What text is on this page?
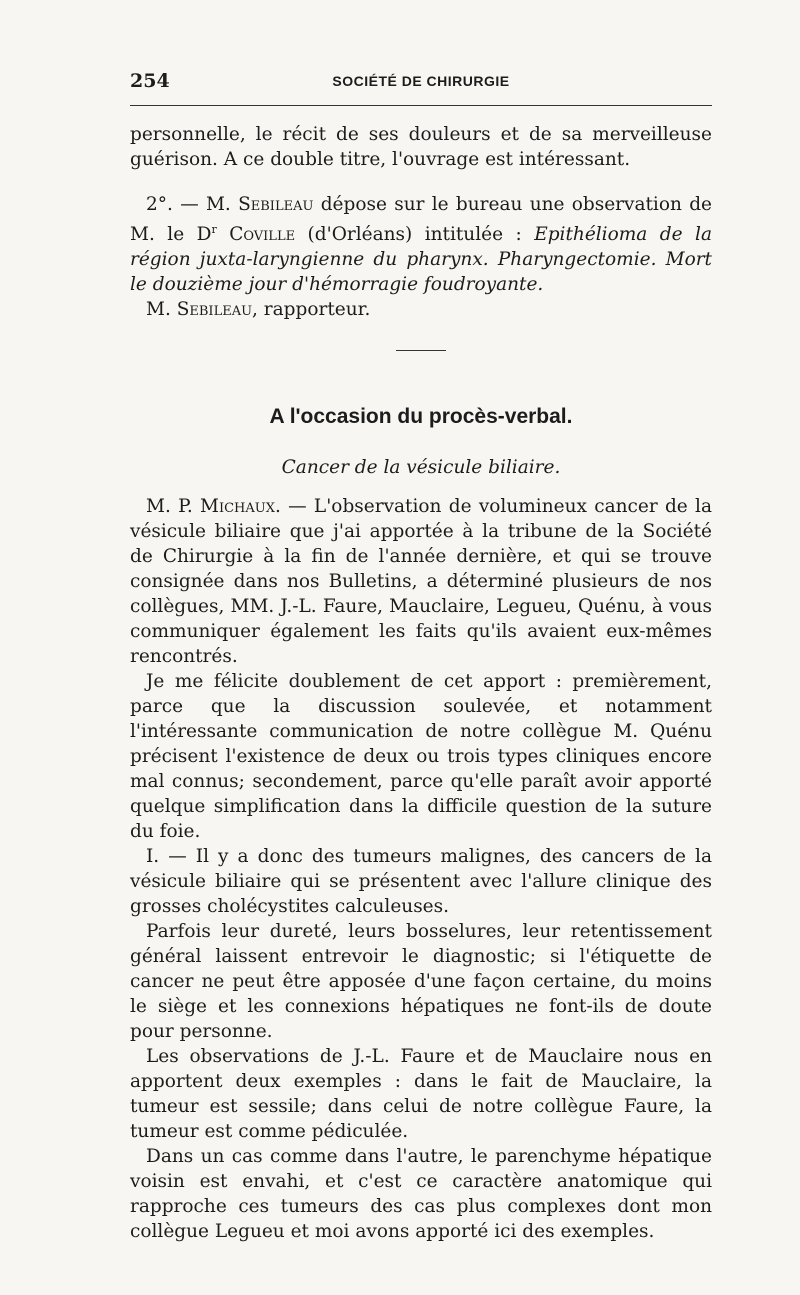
254	SOCIÉTÉ DE CHIRURGIE

personnelle, le récit de ses douleurs et de sa merveilleuse guérison. A ce double titre, l'ouvrage est intéressant.

2°. — M. Sebileau dépose sur le bureau une observation de M. le $D^r$ Coville (d'Orléans) intitulée : Epithélioma de la région juxta-laryngienne du pharynx. Pharyngectomie. Mort le douzième jour d'hémorragie foudroyante.

M. Sebileau, rapporteur.

A l'occasion du procès-verbal.
Cancer de la vésicule biliaire.

M. P. Michaux. — L'observation de volumineux cancer de la vésicule biliaire que j'ai apportée à la tribune de la Société de Chirurgie à la fin de l'année dernière, et qui se trouve consignée dans nos Bulletins, a déterminé plusieurs de nos collègues, MM. J.-L. Faure, Mauclaire, Legueu, Quénu, à vous communiquer également les faits qu'ils avaient eux-mêmes rencontrés.

Je me félicite doublement de cet apport : premièrement, parce que la discussion soulevée, et notamment l'intéressante communication de notre collègue M. Quénu précisent l'existence de deux ou trois types cliniques encore mal connus; secondement, parce qu'elle paraît avoir apporté quelque simplification dans la difficile question de la suture du foie.

I. — Il y a donc des tumeurs malignes, des cancers de la vésicule biliaire qui se présentent avec l'allure clinique des grosses cholécystites calculeuses.

Parfois leur dureté, leurs bosselures, leur retentissement général laissent entrevoir le diagnostic; si l'étiquette de cancer ne peut être apposée d'une façon certaine, du moins le siège et les connexions hépatiques ne font-ils de doute pour personne.

Les observations de J.-L. Faure et de Mauclaire nous en apportent deux exemples : dans le fait de Mauclaire, la tumeur est sessile; dans celui de notre collègue Faure, la tumeur est comme pédiculée.

Dans un cas comme dans l'autre, le parenchyme hépatique voisin est envahi, et c'est ce caractère anatomique qui rapproche ces tumeurs des cas plus complexes dont mon collègue Legueu et moi avons apporté ici des exemples.
